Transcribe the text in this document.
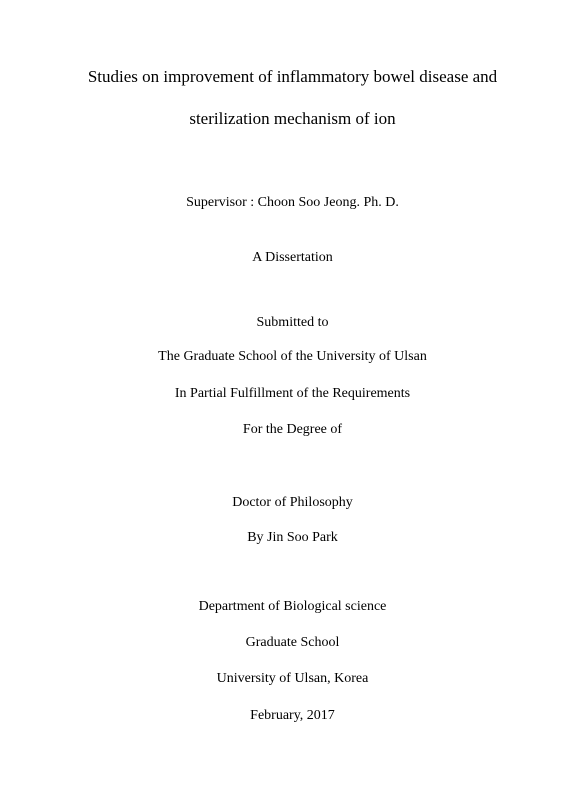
Studies on improvement of inflammatory bowel disease and
sterilization mechanism of ion
Supervisor : Choon Soo Jeong. Ph. D.
A Dissertation
Submitted to
The Graduate School of the University of Ulsan
In Partial Fulfillment of the Requirements
For the Degree of
Doctor of Philosophy
By Jin Soo Park
Department of Biological science
Graduate School
University of Ulsan, Korea
February, 2017
